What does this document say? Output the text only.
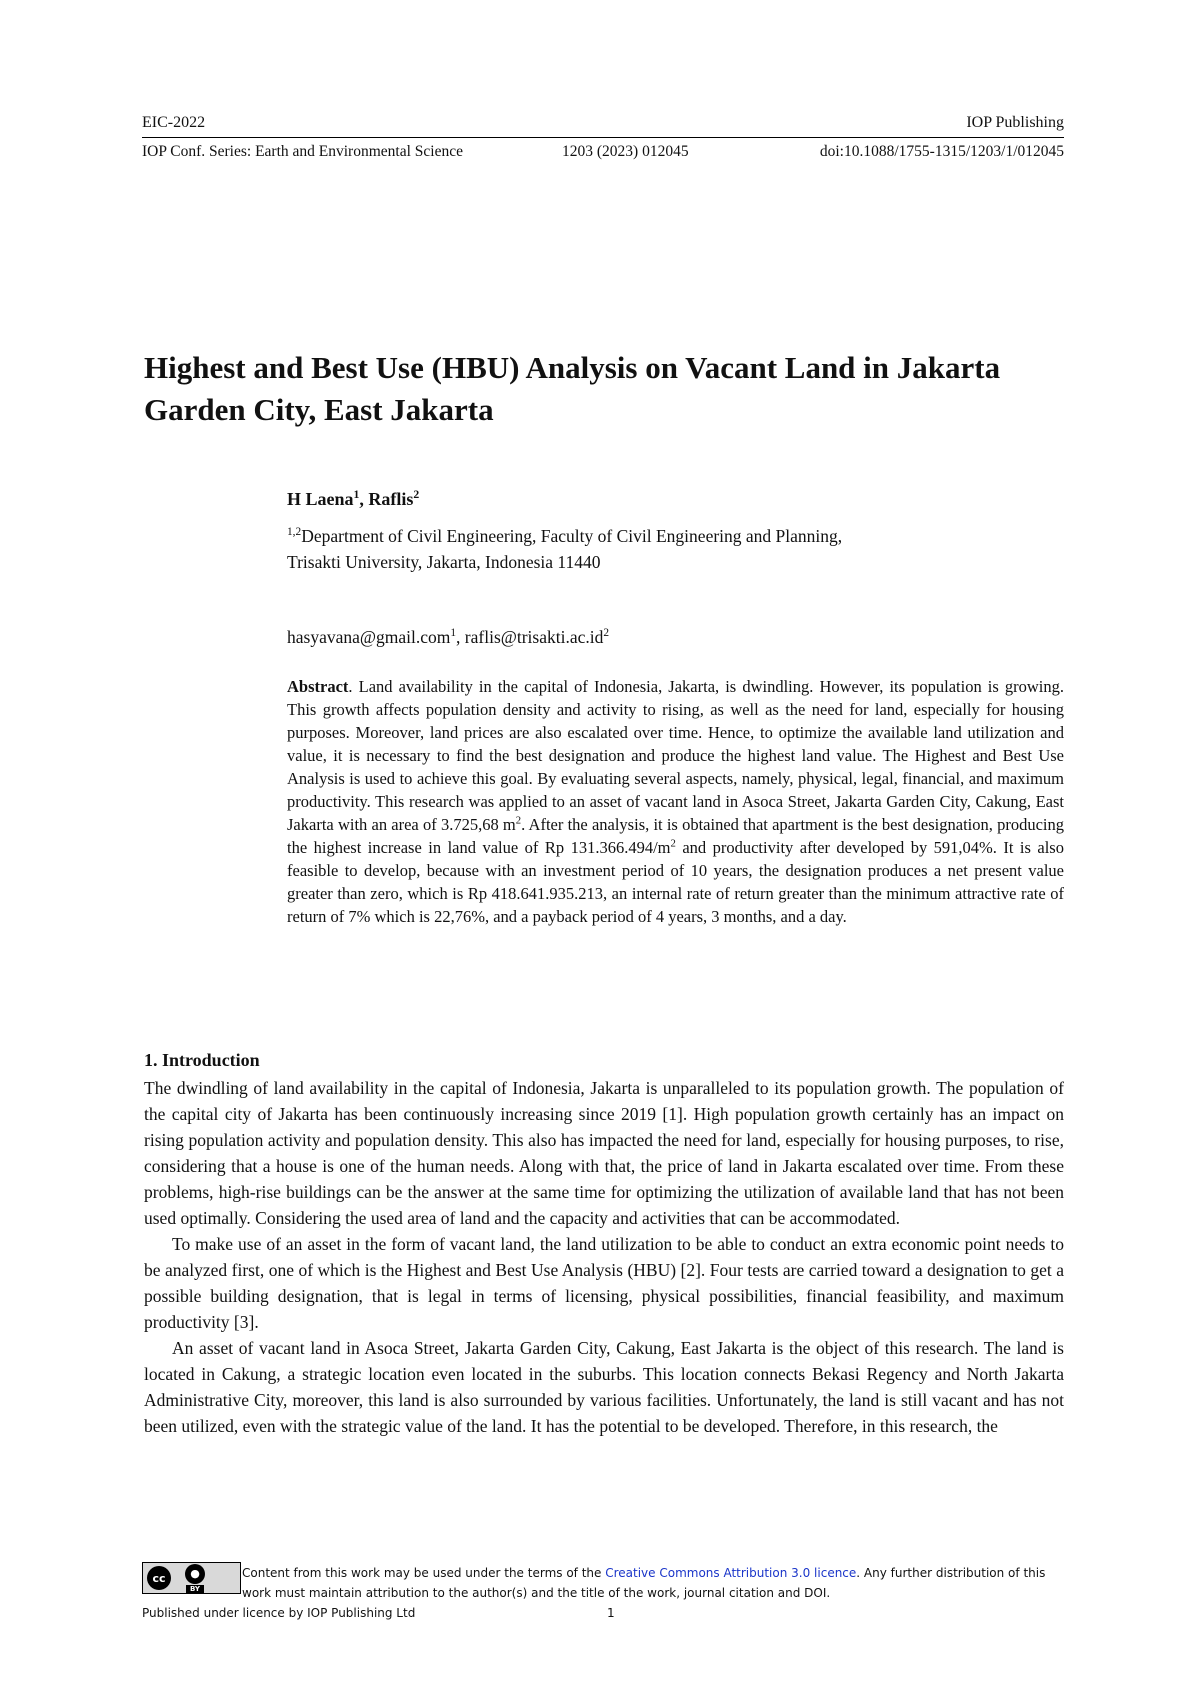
EIC-2022	IOP Publishing
IOP Conf. Series: Earth and Environmental Science	1203 (2023) 012045	doi:10.1088/1755-1315/1203/1/012045
Highest and Best Use (HBU) Analysis on Vacant Land in Jakarta Garden City, East Jakarta
H Laena$^1$, Raflis$^2$
$^{1,2}$Department of Civil Engineering, Faculty of Civil Engineering and Planning,
Trisakti University, Jakarta, Indonesia 11440
hasyavana@gmail.com$^1$, $raflis@trisakti.ac.id^2$
Abstract. Land availability in the capital of Indonesia, Jakarta, is dwindling. However, its population is growing. This growth affects population density and activity to rising, as well as the need for land, especially for housing purposes. Moreover, land prices are also escalated over time. Hence, to optimize the available land utilization and value, it is necessary to find the best designation and produce the highest land value. The Highest and Best Use Analysis is used to achieve this goal. By evaluating several aspects, namely, physical, legal, financial, and maximum productivity. This research was applied to an asset of vacant land in Asoca Street, Jakarta Garden City, Cakung, East Jakarta with an area of 3.725,68 $m^2$. After the analysis, it is obtained that apartment is the best designation, producing the highest increase in land value of Rp $131.366.494/m^2$ and productivity after developed by 591,04%. It is also feasible to develop, because with an investment period of 10 years, the designation produces a net present value greater than zero, which is Rp 418.641.935.213, an internal rate of return greater than the minimum attractive rate of return of 7% which is 22,76%, and a payback period of 4 years, 3 months, and a day.
1. Introduction

The dwindling of land availability in the capital of Indonesia, Jakarta is unparalleled to its population growth. The population of the capital city of Jakarta has been continuously increasing since 2019 [1]. High population growth certainly has an impact on rising population activity and population density. This also has impacted the need for land, especially for housing purposes, to rise, considering that a house is one of the human needs. Along with that, the price of land in Jakarta escalated over time. From these problems, high-rise buildings can be the answer at the same time for optimizing the utilization of available land that has not been used optimally. Considering the used area of land and the capacity and activities that can be accommodated.

To make use of an asset in the form of vacant land, the land utilization to be able to conduct an extra economic point needs to be analyzed first, one of which is the Highest and Best Use Analysis (HBU) [2]. Four tests are carried toward a designation to get a possible building designation, that is legal in terms of licensing, physical possibilities, financial feasibility, and maximum productivity [3].

An asset of vacant land in Asoca Street, Jakarta Garden City, Cakung, East Jakarta is the object of this research. The land is located in Cakung, a strategic location even located in the suburbs. This location connects Bekasi Regency and North Jakarta Administrative City, moreover, this land is also surrounded by various facilities. Unfortunately, the land is still vacant and has not been utilized, even with the strategic value of the land. It has the potential to be developed. Therefore, in this research, the

cc	●
BY
Content from this work may be used under the terms of the Creative Commons Attribution 3.0 licence. Any further distribution of this work must maintain attribution to the author(s) and the title of the work, journal citation and DOI.
Published under licence by IOP Publishing Ltd	1
